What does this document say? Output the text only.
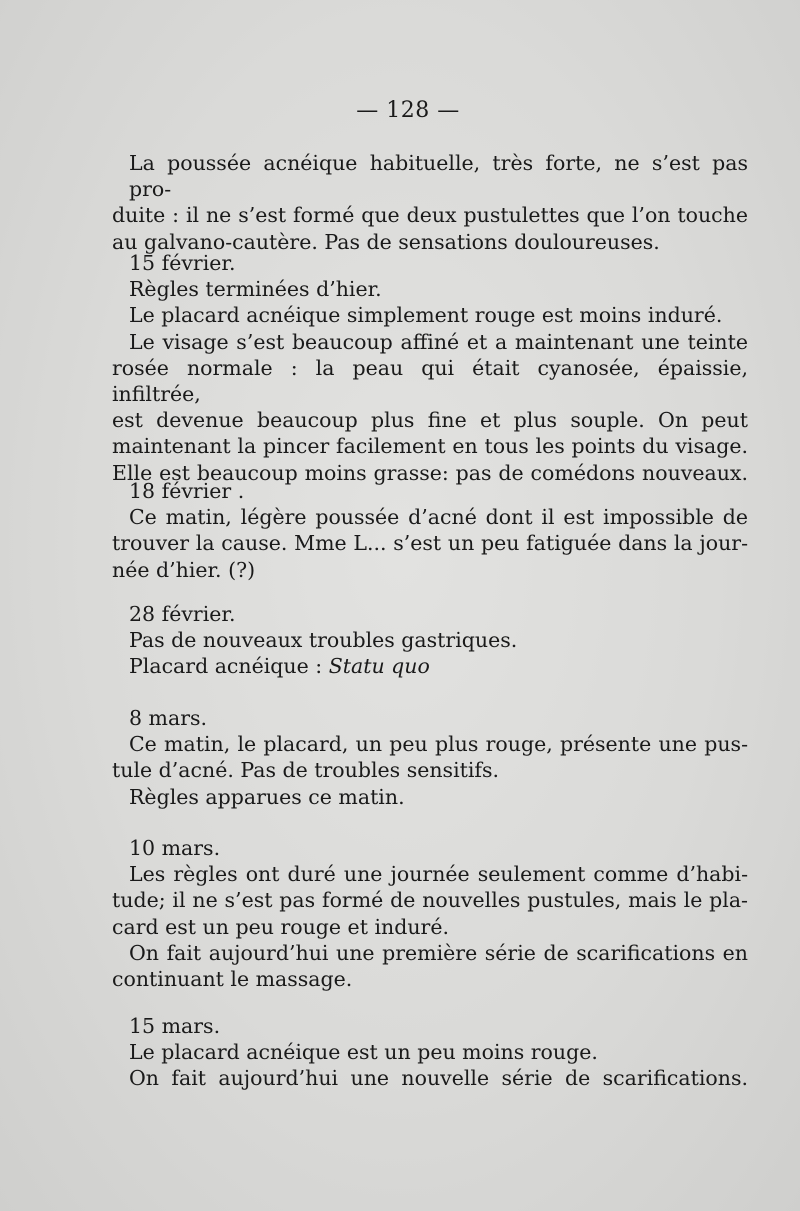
— 128 —
La poussée acnéique habituelle, très forte, ne s’est pas pro-
duite : il ne s’est formé que deux pustulettes que l’on touche
au galvano-cautère. Pas de sensations douloureuses.
15 février.
Règles terminées d’hier.
Le placard acnéique simplement rouge est moins induré.
Le visage s’est beaucoup affiné et a maintenant une teinte
rosée normale : la peau qui était cyanosée, épaissie, infiltrée,
est devenue beaucoup plus fine et plus souple. On peut
maintenant la pincer facilement en tous les points du visage.
Elle est beaucoup moins grasse: pas de comédons nouveaux.
18 février .
Ce matin, légère poussée d’acné dont il est impossible de
trouver la cause. Mme L... s’est un peu fatiguée dans la jour-
née d’hier. (?)
28 février.
Pas de nouveaux troubles gastriques.
Placard acnéique : Statu quo
8 mars.
Ce matin, le placard, un peu plus rouge, présente une pus-
tule d’acné. Pas de troubles sensitifs.
Règles apparues ce matin.
10 mars.
Les règles ont duré une journée seulement comme d’habi-
tude; il ne s’est pas formé de nouvelles pustules, mais le pla-
card est un peu rouge et induré.
On fait aujourd’hui une première série de scarifications en
continuant le massage.
15 mars.
Le placard acnéique est un peu moins rouge.
On fait aujourd’hui une nouvelle série de scarifications.
